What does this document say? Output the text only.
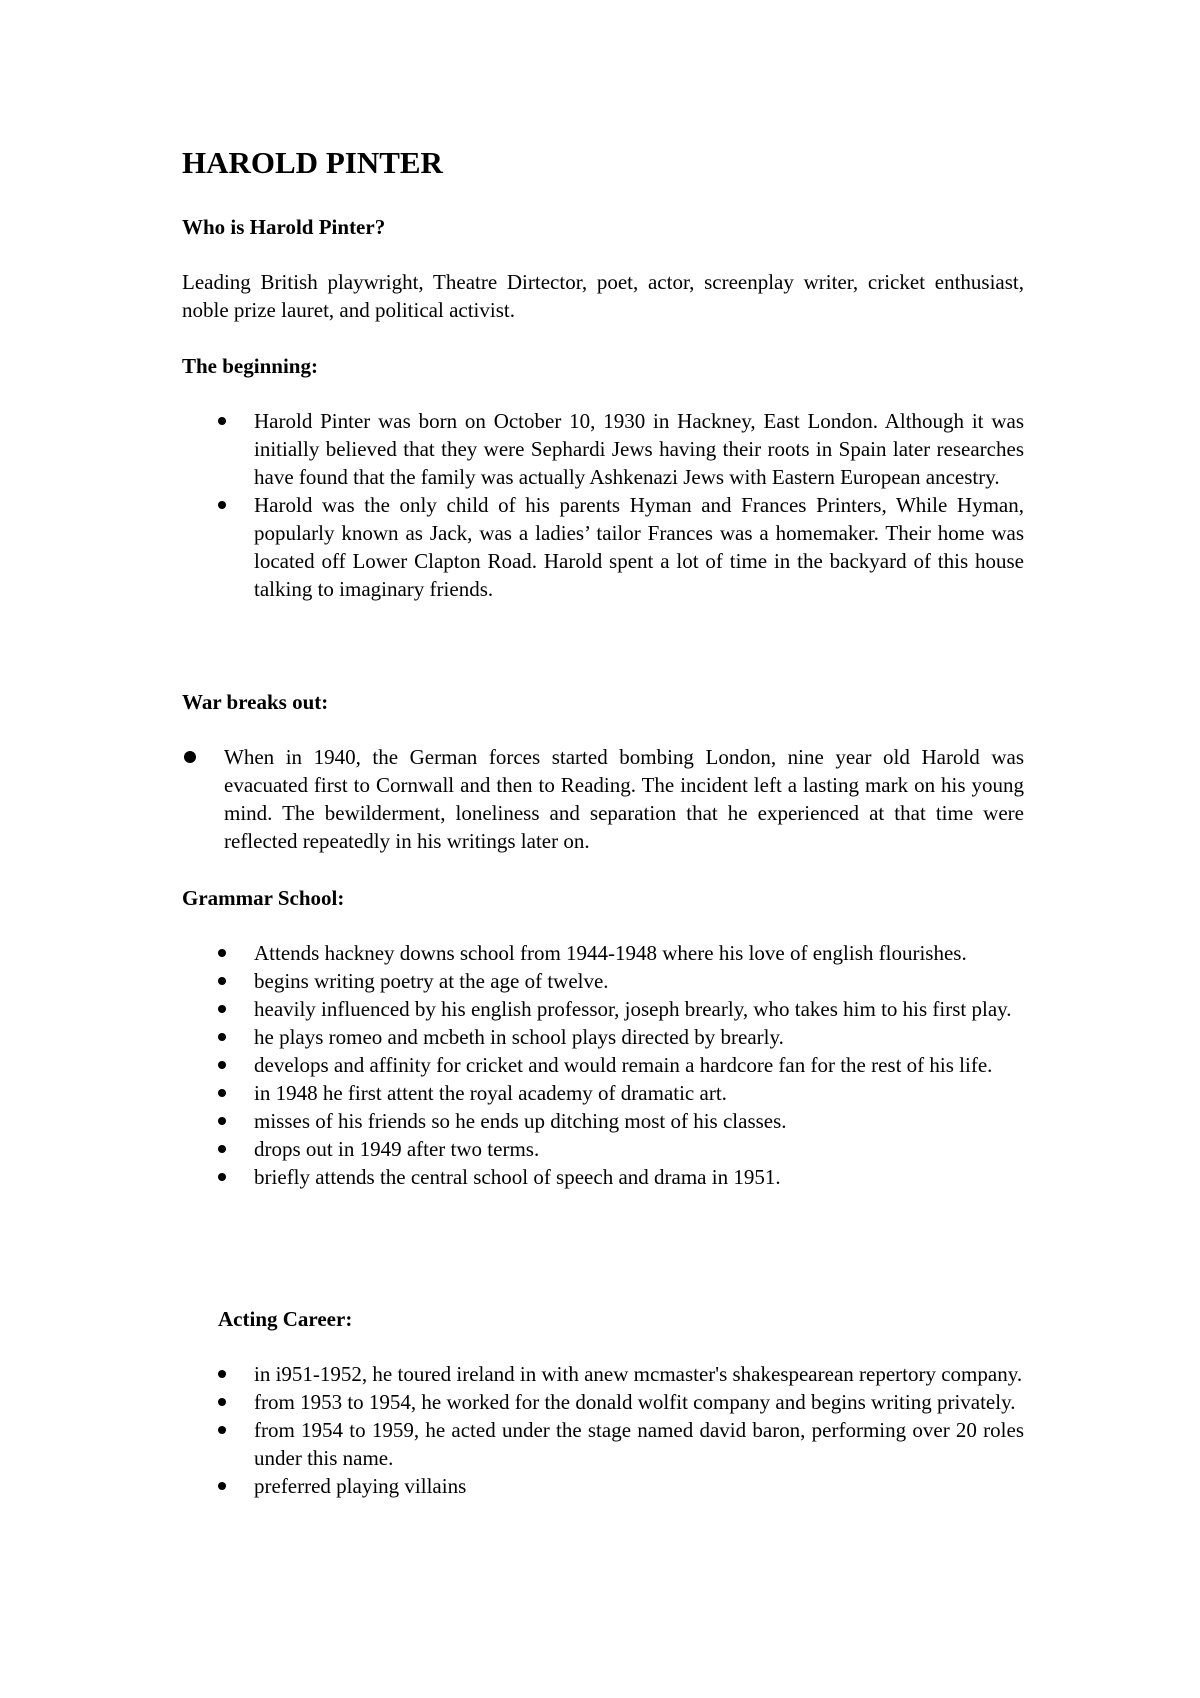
HAROLD PINTER
Who is Harold Pinter?

Leading British playwright, Theatre Dirtector, poet, actor, screenplay writer, cricket enthusiast, noble prize lauret, and political activist.

The beginning:
Harold Pinter was born on October 10, 1930 in Hackney, East London. Although it was initially believed that they were Sephardi Jews having their roots in Spain later researches have found that the family was actually Ashkenazi Jews with Eastern European ancestry.
Harold was the only child of his parents Hyman and Frances Printers, While Hyman, popularly known as Jack, was a ladies’ tailor Frances was a homemaker. Their home was located off Lower Clapton Road. Harold spent a lot of time in the backyard of this house talking to imaginary friends.
War breaks out:
When in 1940, the German forces started bombing London, nine year old Harold was evacuated first to Cornwall and then to Reading. The incident left a lasting mark on his young mind. The bewilderment, loneliness and separation that he experienced at that time were reflected repeatedly in his writings later on.
Grammar School:
Attends hackney downs school from 1944-1948 where his love of english flourishes.
begins writing poetry at the age of twelve.
heavily influenced by his english professor, joseph brearly, who takes him to his first play.
he plays romeo and mcbeth in school plays directed by brearly.
develops and affinity for cricket and would remain a hardcore fan for the rest of his life.
in 1948 he first attent the royal academy of dramatic art.
misses of his friends so he ends up ditching most of his classes.
drops out in 1949 after two terms.
briefly attends the central school of speech and drama in 1951.
Acting Career:
in i951-1952, he toured ireland in with anew mcmaster's shakespearean repertory company.
from 1953 to 1954, he worked for the donald wolfit company and begins writing privately.
from 1954 to 1959, he acted under the stage named david baron, performing over 20 roles under this name.
preferred playing villains
